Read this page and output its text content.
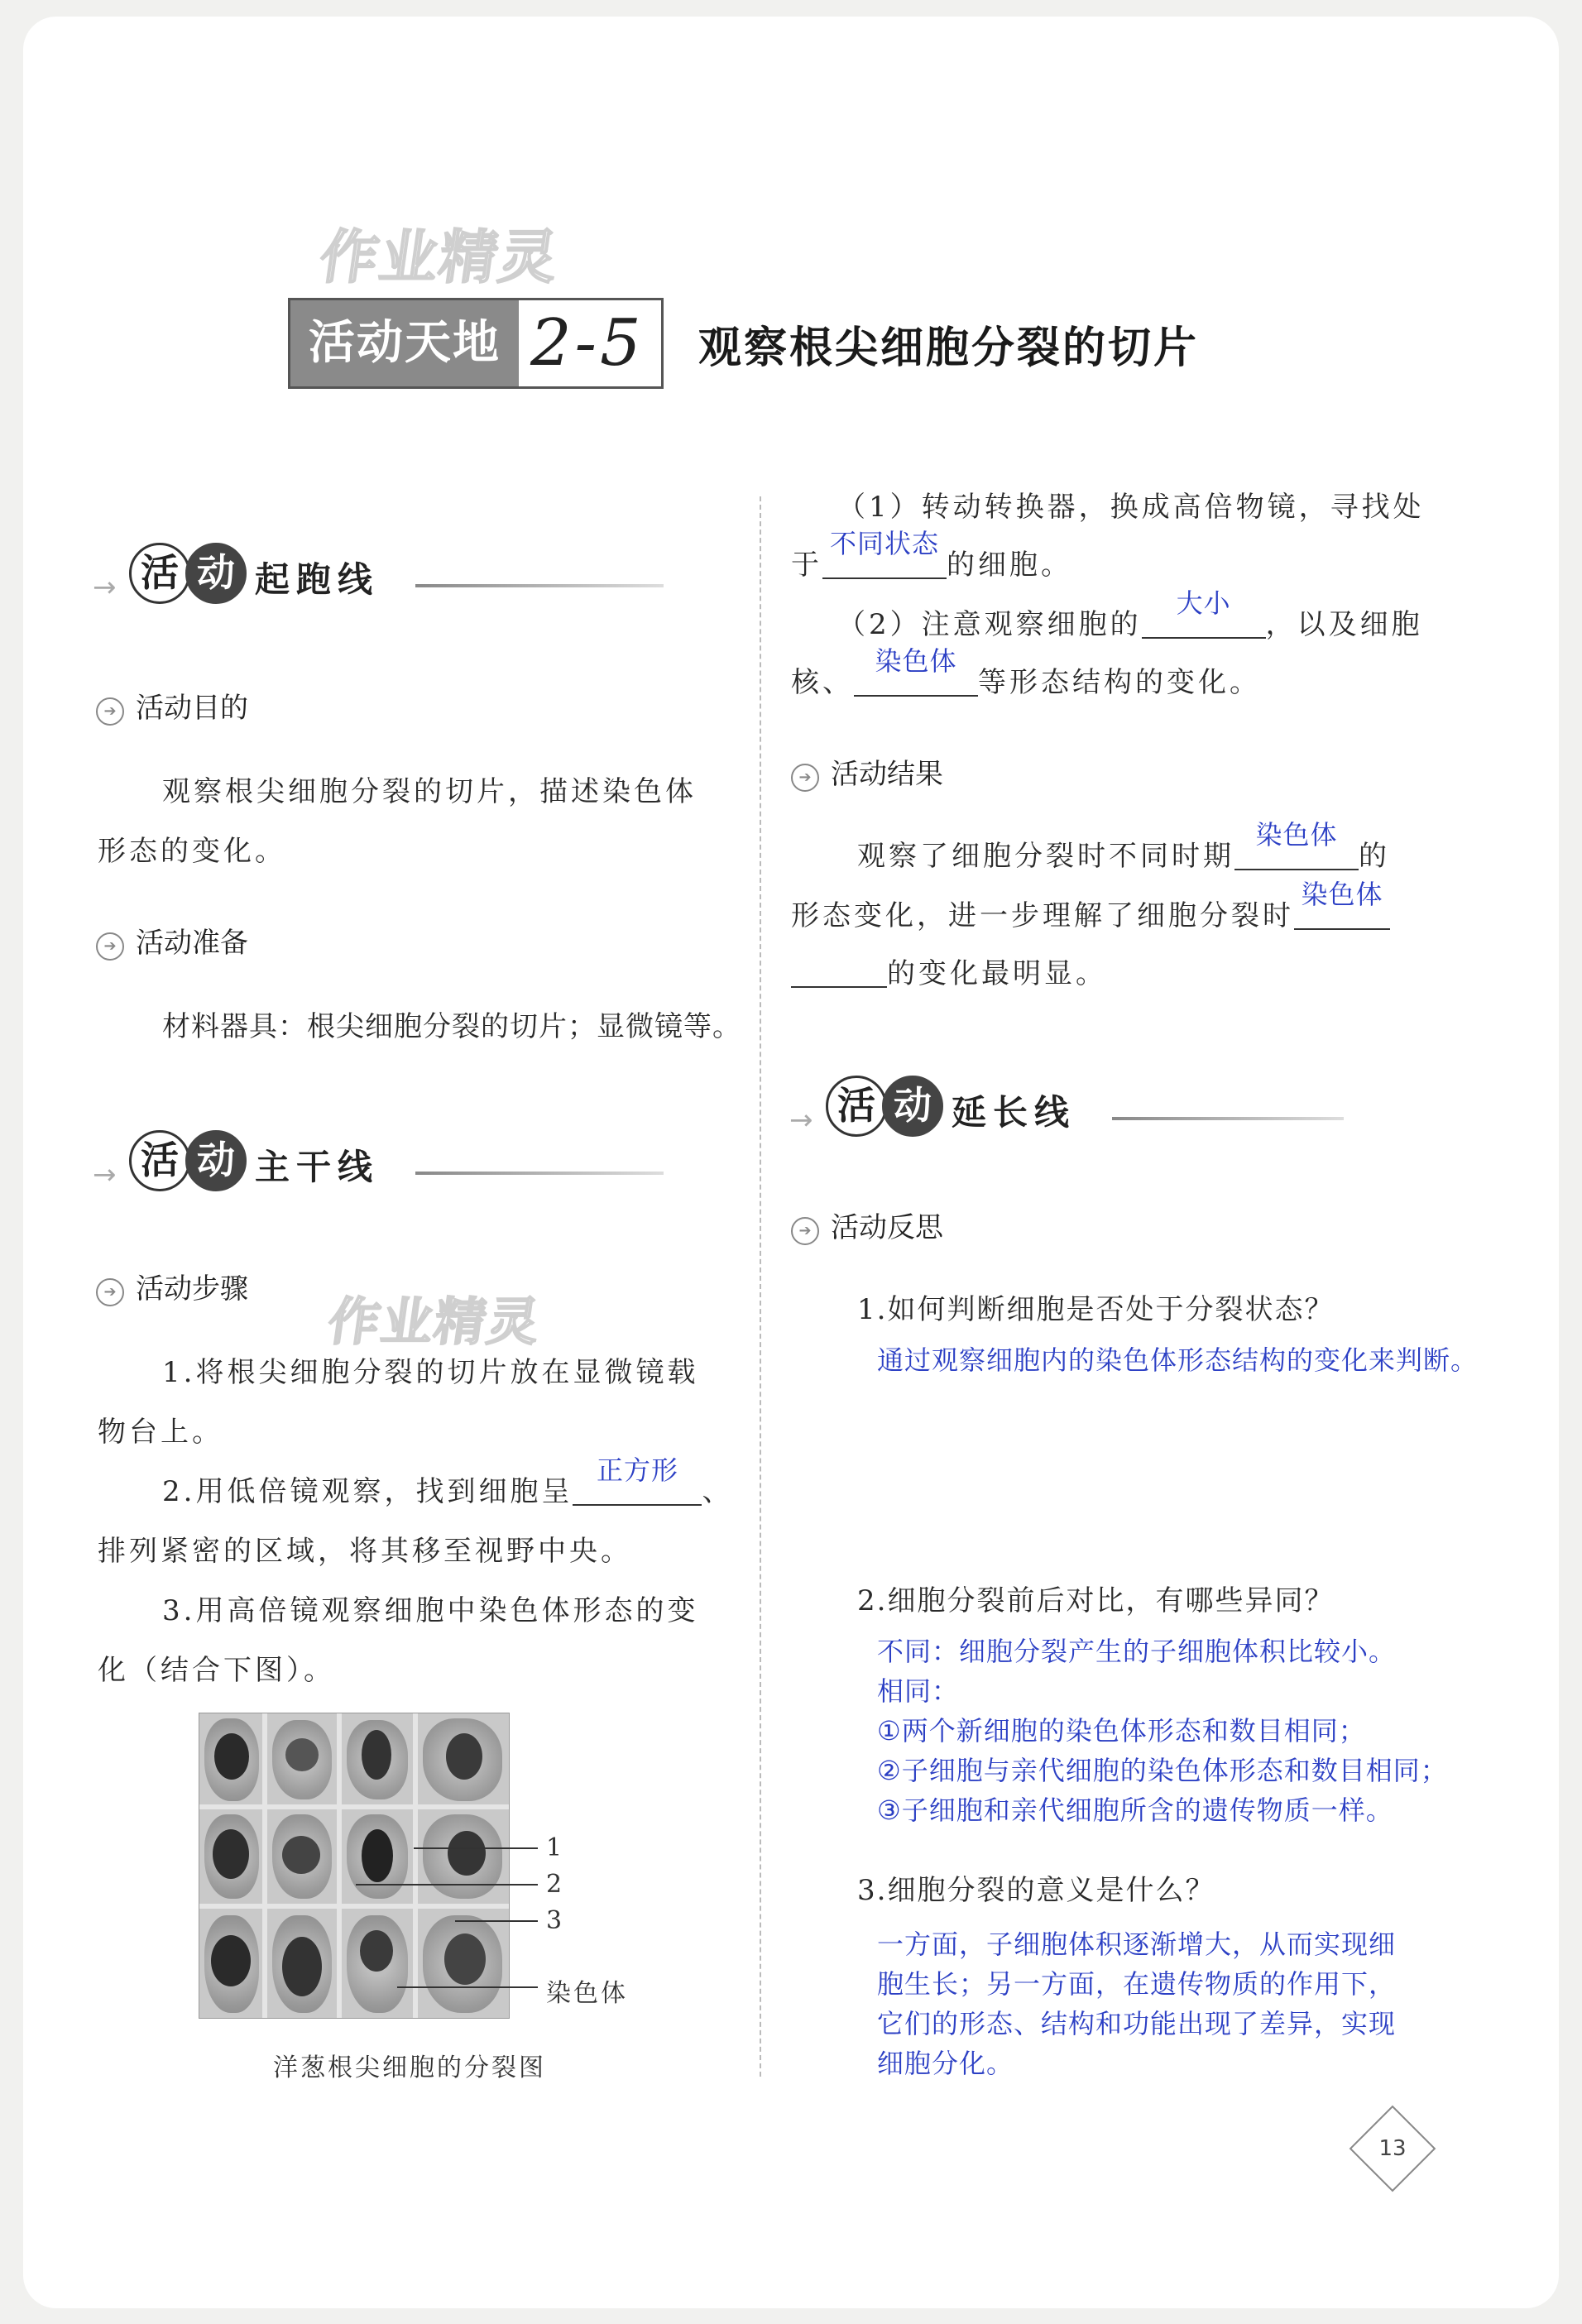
作业精灵
作业精灵
活动天地 2-5 观察根尖细胞分裂的切片
→ 活 动 起跑线
➔ 活动目的
观察根尖细胞分裂的切片，描述染色体
形态的变化。
➔ 活动准备
材料器具：根尖细胞分裂的切片；显微镜等。
→ 活 动 主干线
➔ 活动步骤
1.将根尖细胞分裂的切片放在显微镜载
物台上。
2.用低倍镜观察，找到细胞呈
正方形
、
排列紧密的区域，将其移至视野中央。
3.用高倍镜观察细胞中染色体形态的变
化（结合下图）。
1
2
3
染色体
洋葱根尖细胞的分裂图
（1）转动转换器，换成高倍物镜，寻找处
于
不同状态
的细胞。
（2）注意观察细胞的
大小
，以及细胞
核、
染色体
等形态结构的变化。
➔ 活动结果
观察了细胞分裂时不同时期
染色体
的
形态变化，进一步理解了细胞分裂时
染色体
的变化最明显。
→ 活 动 延长线
➔ 活动反思
1.如何判断细胞是否处于分裂状态？
通过观察细胞内的染色体形态结构的变化来判断。
2.细胞分裂前后对比，有哪些异同？
不同：细胞分裂产生的子细胞体积比较小。
相同：
①两个新细胞的染色体形态和数目相同；
②子细胞与亲代细胞的染色体形态和数目相同；
③子细胞和亲代细胞所含的遗传物质一样。
3.细胞分裂的意义是什么？
一方面，子细胞体积逐渐增大，从而实现细
胞生长；另一方面，在遗传物质的作用下，
它们的形态、结构和功能出现了差异，实现
细胞分化。
13
